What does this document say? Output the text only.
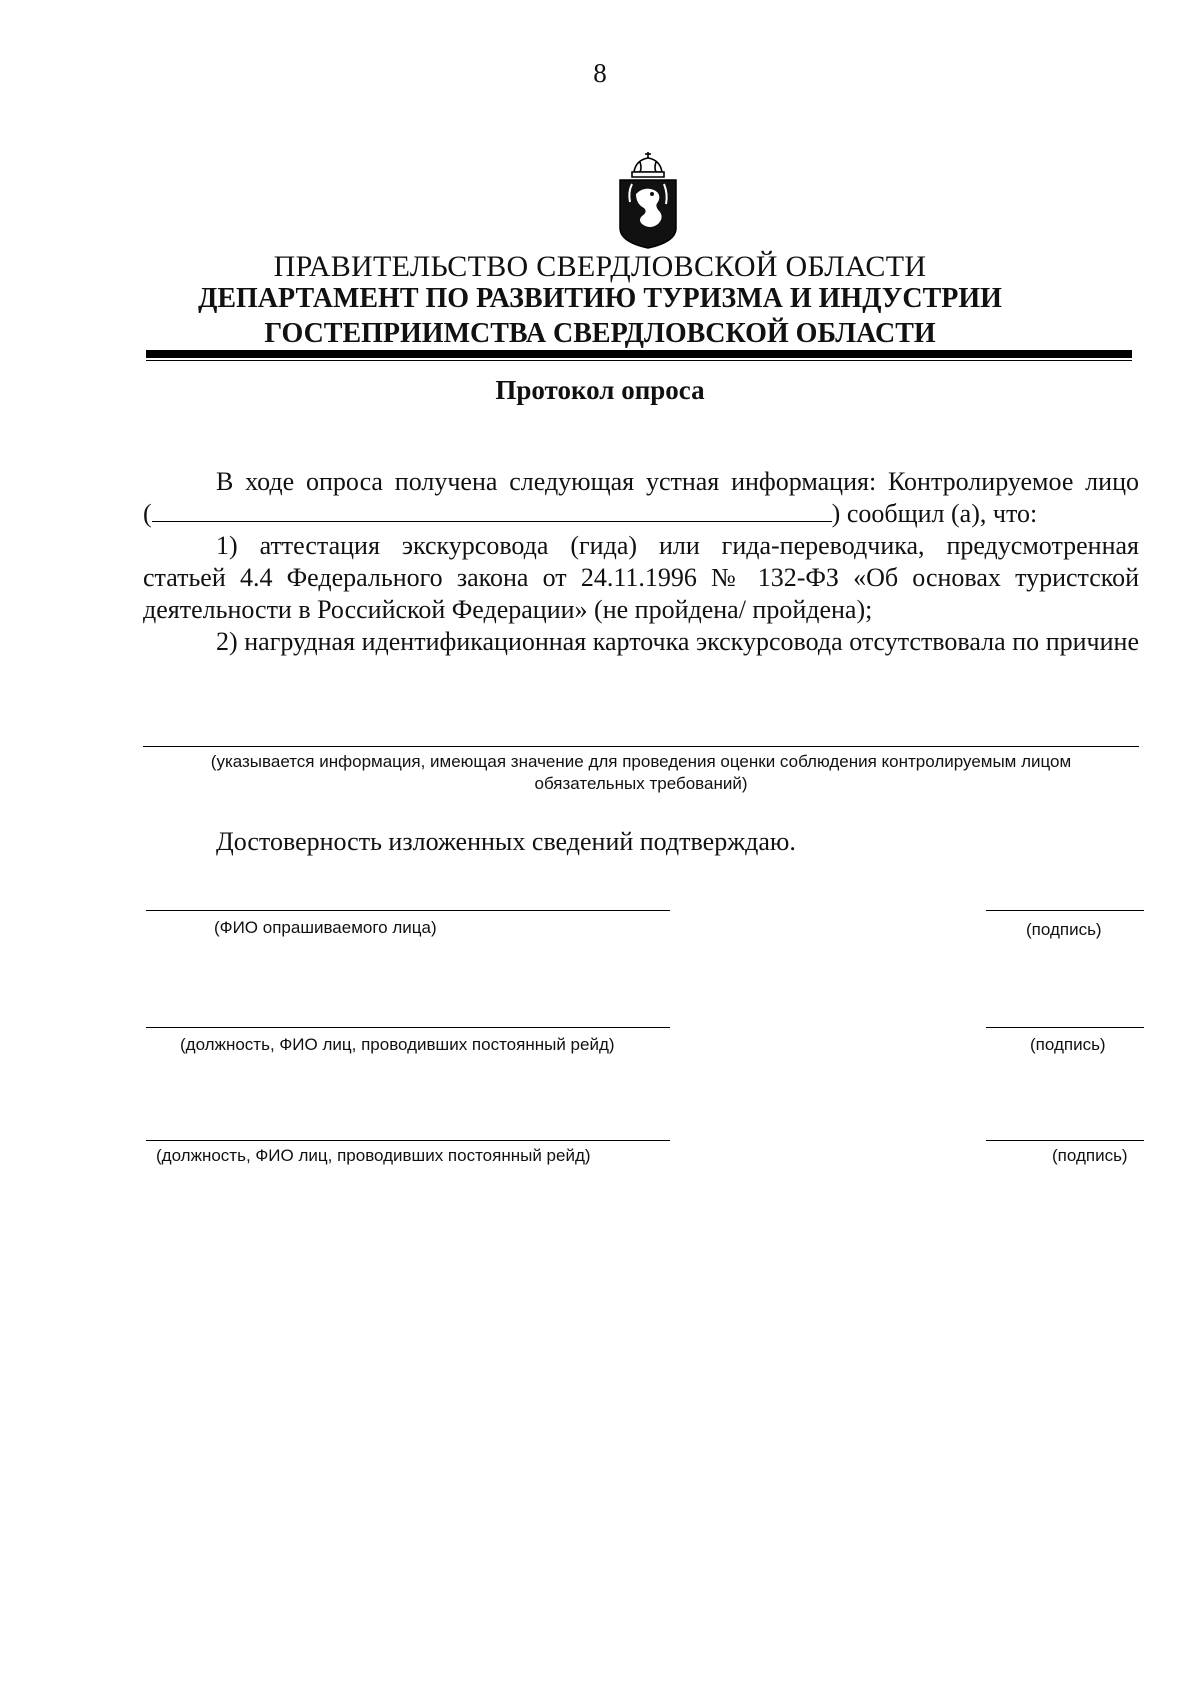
8
ПРАВИТЕЛЬСТВО СВЕРДЛОВСКОЙ ОБЛАСТИ
ДЕПАРТАМЕНТ ПО РАЗВИТИЮ ТУРИЗМА И ИНДУСТРИИ
ГОСТЕПРИИМСТВА СВЕРДЛОВСКОЙ ОБЛАСТИ
Протокол опроса
В ходе опроса получена следующая устная информация: Контролируемое лицо
(	) сообщил (а), что:
1) аттестация экскурсовода (гида) или гида-переводчика, предусмотренная
статьей 4.4 Федерального закона от 24.11.1996 № 132-ФЗ «Об основах туристской
деятельности в Российской Федерации» (не пройдена/ пройдена);
2) нагрудная идентификационная карточка экскурсовода отсутствовала по причине
(указывается информация, имеющая значение для проведения оценки соблюдения контролируемым лицом
обязательных требований)
Достоверность изложенных сведений подтверждаю.
(ФИО опрашиваемого лица)	(подпись)
(должность, ФИО лиц, проводивших постоянный рейд)	(подпись)
(должность, ФИО лиц, проводивших постоянный рейд)	(подпись)
